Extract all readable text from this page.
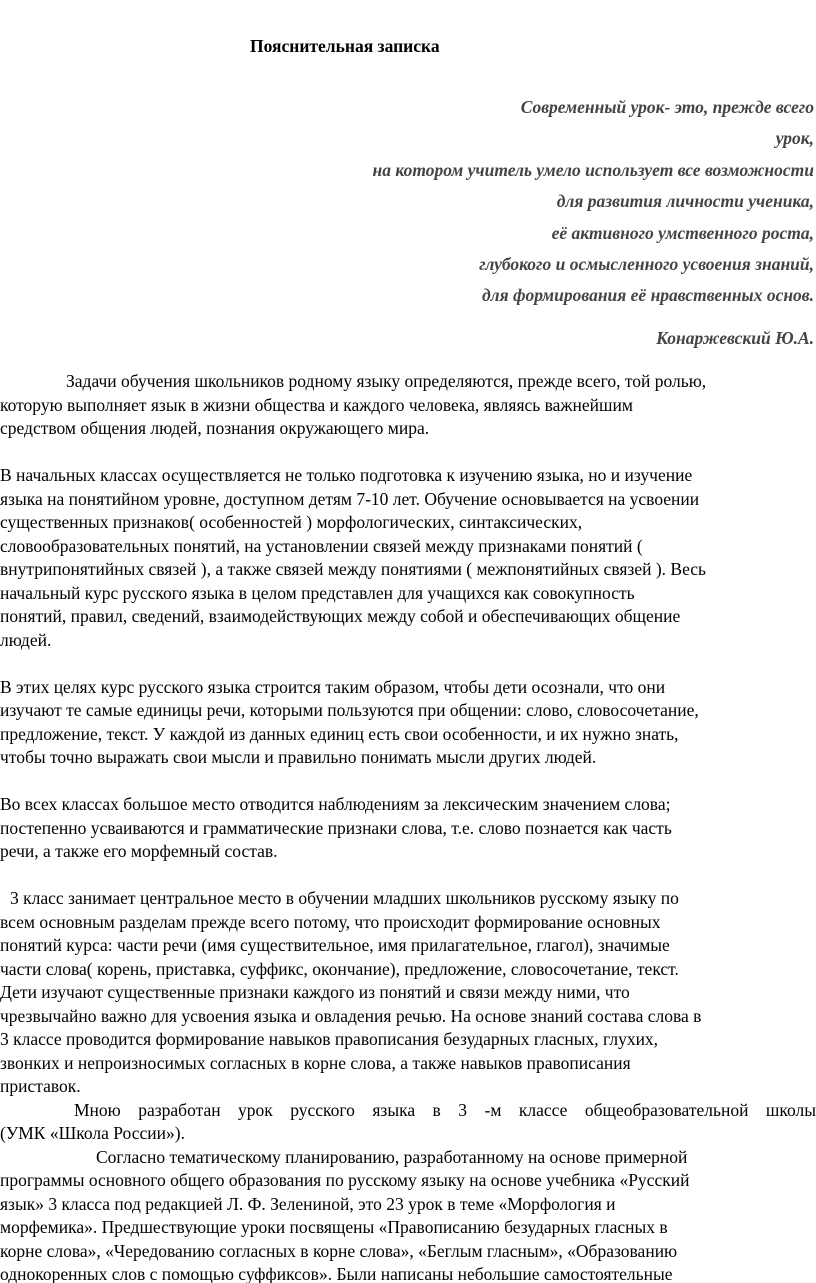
Пояснительная записка
Современный урок- это, прежде всего
урок,
на котором учитель умело использует все возможности
для развития личности ученика,
её активного умственного роста,
глубокого и осмысленного усвоения знаний,
для формирования её нравственных основ.
Конаржевский Ю.А.

Задачи обучения школьников родному языку определяются, прежде всего, той ролью,
которую выполняет язык в жизни общества и каждого человека, являясь важнейшим
средством общения людей, познания окружающего мира.

В начальных классах осуществляется не только подготовка к изучению языка, но и изучение
языка на понятийном уровне, доступном детям 7-10 лет. Обучение основывается на усвоении
существенных признаков( особенностей ) морфологических, синтаксических,
словообразовательных понятий, на установлении связей между признаками понятий (
внутрипонятийных связей ), а также связей между понятиями ( межпонятийных связей ). Весь
начальный курс русского языка в целом представлен для учащихся как совокупность
понятий, правил, сведений, взаимодействующих между собой и обеспечивающих общение
людей.

В этих целях курс русского языка строится таким образом, чтобы дети осознали, что они
изучают те самые единицы речи, которыми пользуются при общении: слово, словосочетание,
предложение, текст. У каждой из данных единиц есть свои особенности, и их нужно знать,
чтобы точно выражать свои мысли и правильно понимать мысли других людей.

Во всех классах большое место отводится наблюдениям за лексическим значением слова;
постепенно усваиваются и грамматические признаки слова, т.е. слово познается как часть
речи, а также его морфемный состав.

3 класс занимает центральное место в обучении младших школьников русскому языку по
всем основным разделам прежде всего потому, что происходит формирование основных
понятий курса: части речи (имя существительное, имя прилагательное, глагол), значимые
части слова( корень, приставка, суффикс, окончание), предложение, словосочетание, текст.
Дети изучают существенные признаки каждого из понятий и связи между ними, что
чрезвычайно важно для усвоения языка и овладения речью. На основе знаний состава слова в
3 классе проводится формирование навыков правописания безударных гласных, глухих,
звонких и непроизносимых согласных в корне слова, а также навыков правописания
приставок.

Мною разработан урок русского языка в 3 -м классе общеобразовательной школы
(УМК «Школа России»).

Согласно тематическому планированию, разработанному на основе примерной
программы основного общего образования по русскому языку на основе учебника «Русский
язык» 3 класса под редакцией Л. Ф. Зелениной, это 23 урок в теме «Морфология и
морфемика». Предшествующие уроки посвящены «Правописанию безударных гласных в
корне слова», «Чередованию согласных в корне слова», «Беглым гласным», «Образованию
однокоренных слов с помощью суффиксов». Были написаны небольшие самостоятельные
